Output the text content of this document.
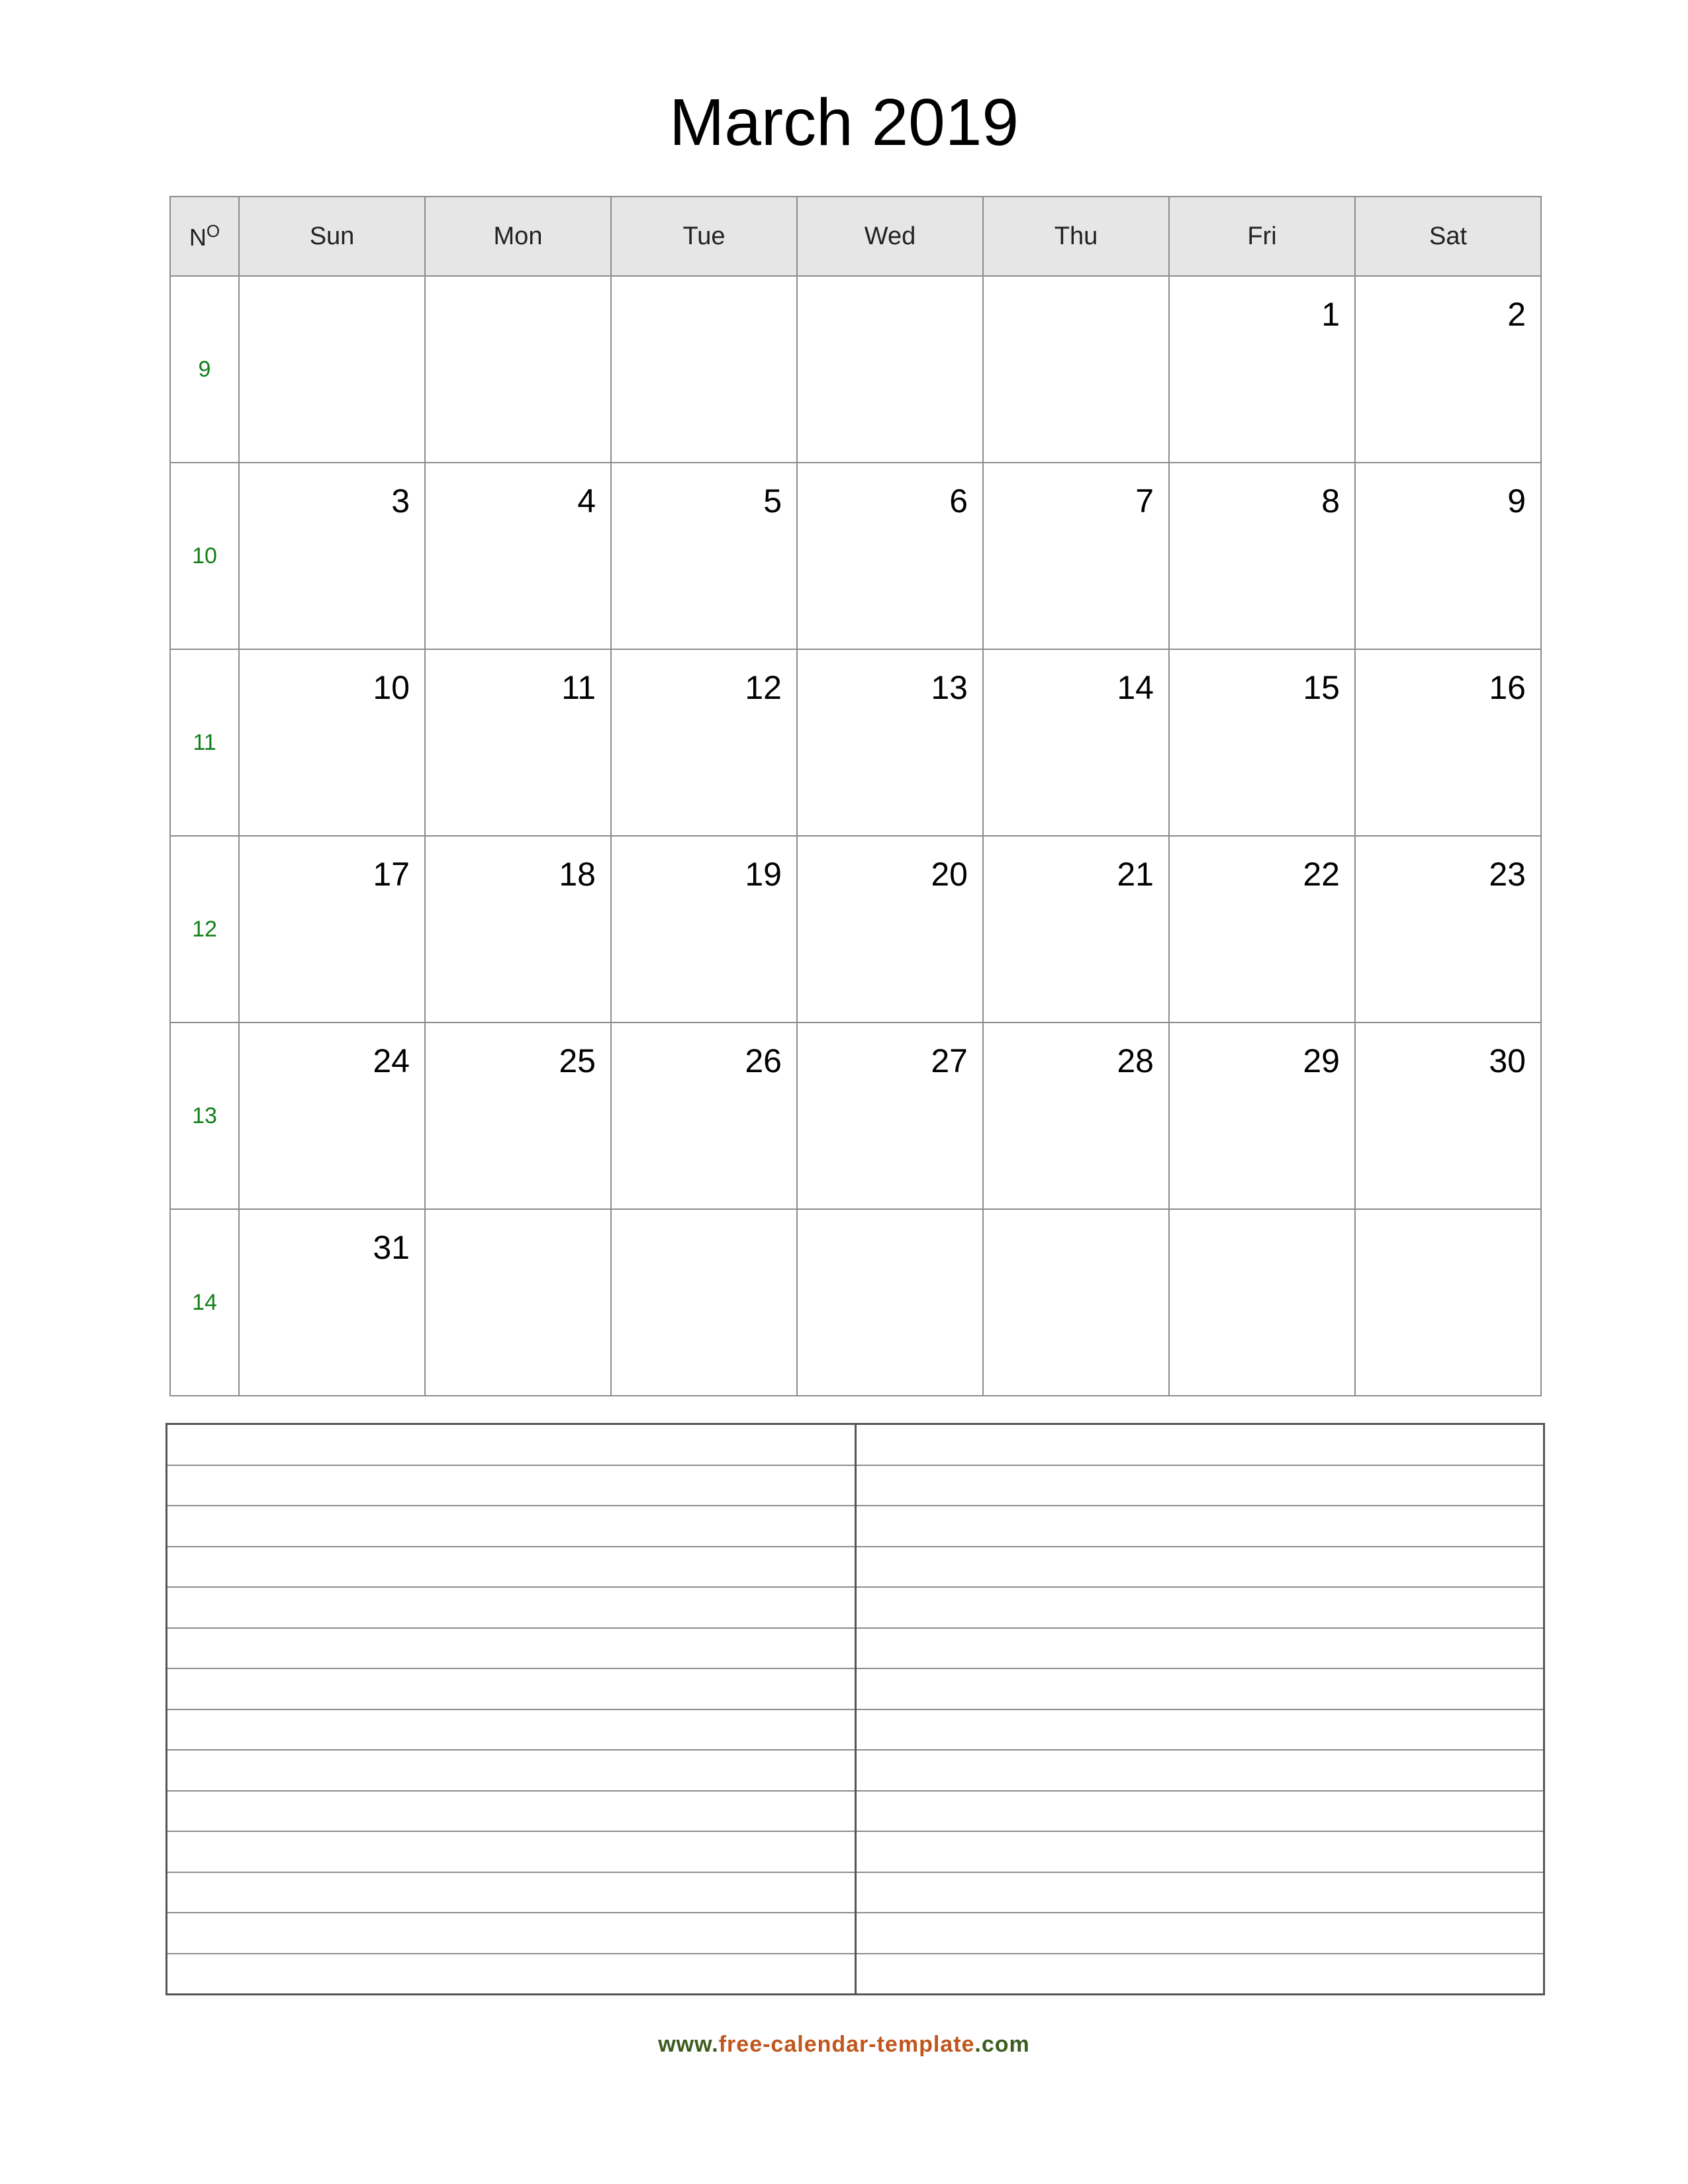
March 2019
$N^O$	Sun	Mon	Tue	Wed	Thu	Fri	Sat
9						1	2

10	3	4	5	6	7	8	9

11	10	11	12	13	14	15	16

12	17	18	19	20	21	22	23

13	24	25	26	27	28	29	30

14	31						

www.free-calendar-template.com
